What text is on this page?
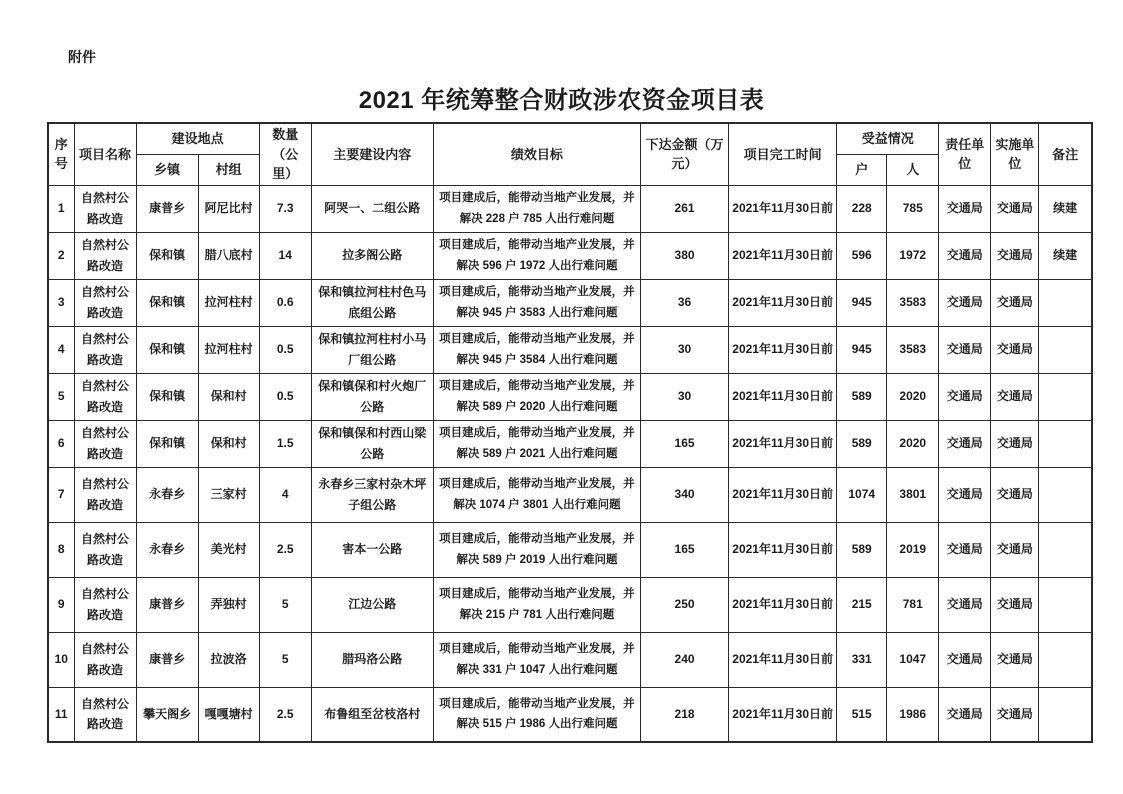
附件
2021 年统筹整合财政涉农资金项目表
序号	项目名称	建设地点		数量（公里）	主要建设内容	绩效目标	下达金额（万元）	项目完工时间	受益情况		责任单位	实施单位	备注
		乡镇	村组						户	人			
1	自然村公路改造	康普乡	阿尼比村	7.3	阿哭一、二组公路	项目建成后，能带动当地产业发展，并解决 228 户 785 人出行难问题	261	2021年11月30日前	228	785	交通局	交通局	续建
2	自然村公路改造	保和镇	腊八底村	14	拉多阁公路	项目建成后，能带动当地产业发展，并解决 596 户 1972 人出行难问题	380	2021年11月30日前	596	1972	交通局	交通局	续建
3	自然村公路改造	保和镇	拉河柱村	0.6	保和镇拉河柱村色马底组公路	项目建成后，能带动当地产业发展，并解决 945 户 3583 人出行难问题	36	2021年11月30日前	945	3583	交通局	交通局	
4	自然村公路改造	保和镇	拉河柱村	0.5	保和镇拉河柱村小马厂组公路	项目建成后，能带动当地产业发展，并解决 945 户 3584 人出行难问题	30	2021年11月30日前	945	3583	交通局	交通局	
5	自然村公路改造	保和镇	保和村	0.5	保和镇保和村火炮厂公路	项目建成后，能带动当地产业发展，并解决 589 户 2020 人出行难问题	30	2021年11月30日前	589	2020	交通局	交通局	
6	自然村公路改造	保和镇	保和村	1.5	保和镇保和村西山梁公路	项目建成后，能带动当地产业发展，并解决 589 户 2021 人出行难问题	165	2021年11月30日前	589	2020	交通局	交通局	
7	自然村公路改造	永春乡	三家村	4	永春乡三家村杂木坪子组公路	项目建成后，能带动当地产业发展，并解决 1074 户 3801 人出行难问题	340	2021年11月30日前	1074	3801	交通局	交通局	
8	自然村公路改造	永春乡	美光村	2.5	害本一公路	项目建成后，能带动当地产业发展，并解决 589 户 2019 人出行难问题	165	2021年11月30日前	589	2019	交通局	交通局	
9	自然村公路改造	康普乡	弄独村	5	江边公路	项目建成后，能带动当地产业发展，并解决 215 户 781 人出行难问题	250	2021年11月30日前	215	781	交通局	交通局	
10	自然村公路改造	康普乡	拉波洛	5	腊玛洛公路	项目建成后，能带动当地产业发展，并解决 331 户 1047 人出行难问题	240	2021年11月30日前	331	1047	交通局	交通局	
11	自然村公路改造	攀天阁乡	嘎嘎塘村	2.5	布鲁组至岔枝洛村	项目建成后，能带动当地产业发展，并解决 515 户 1986 人出行难问题	218	2021年11月30日前	515	1986	交通局	交通局	
